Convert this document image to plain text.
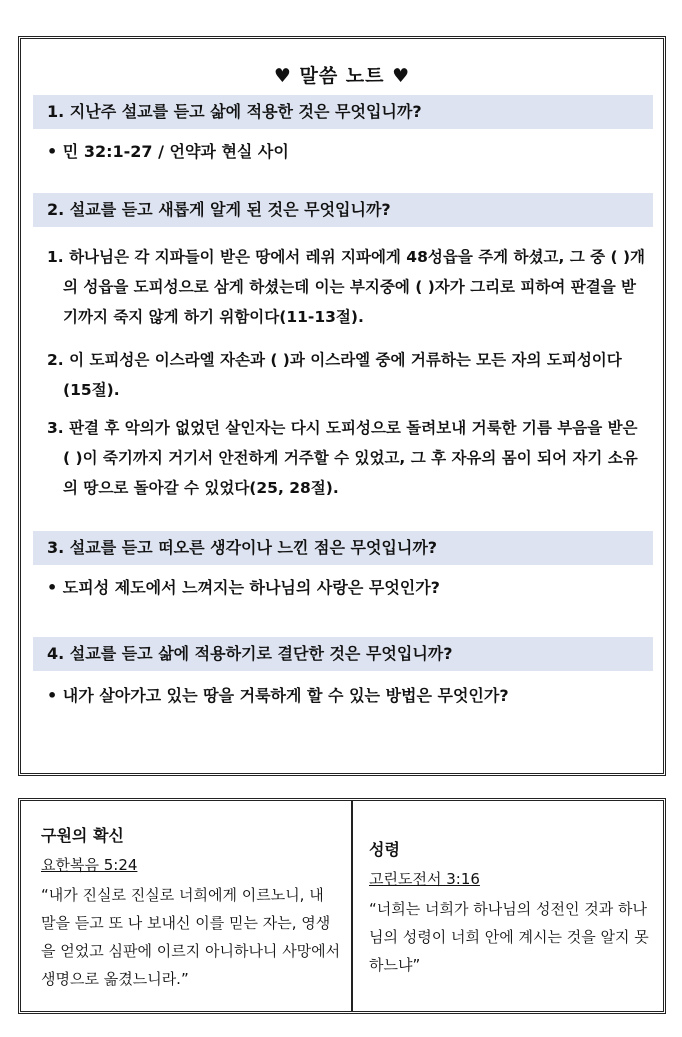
♥ 말씀 노트 ♥
1. 지난주 설교를 듣고 삶에 적용한 것은 무엇입니까?
• 민 32:1-27 / 언약과 현실 사이
2. 설교를 듣고 새롭게 알게 된 것은 무엇입니까?
1. 하나님은 각 지파들이 받은 땅에서 레위 지파에게 48성읍을 주게 하셨고, 그 중 ( )개의 성읍을 도피성으로 삼게 하셨는데 이는 부지중에 ( )자가 그리로 피하여 판결을 받기까지 죽지 않게 하기 위함이다(11-13절).
2. 이 도피성은 이스라엘 자손과 ( )과 이스라엘 중에 거류하는 모든 자의 도피성이다(15절).
3. 판결 후 악의가 없었던 살인자는 다시 도피성으로 돌려보내 거룩한 기름 부음을 받은 ( )이 죽기까지 거기서 안전하게 거주할 수 있었고, 그 후 자유의 몸이 되어 자기 소유의 땅으로 돌아갈 수 있었다(25, 28절).
3. 설교를 듣고 떠오른 생각이나 느낀 점은 무엇입니까?
• 도피성 제도에서 느껴지는 하나님의 사랑은 무엇인가?
4. 설교를 듣고 삶에 적용하기로 결단한 것은 무엇입니까?
• 내가 살아가고 있는 땅을 거룩하게 할 수 있는 방법은 무엇인가?
구원의 확신
요한복음 5:24
“내가 진실로 진실로 너희에게 이르노니, 내 말을 듣고 또 나 보내신 이를 믿는 자는, 영생을 얻었고 심판에 이르지 아니하나니 사망에서 생명으로 옮겼느니라.”
성령
고린도전서 3:16
“너희는 너희가 하나님의 성전인 것과 하나님의 성령이 너희 안에 계시는 것을 알지 못하느냐”
